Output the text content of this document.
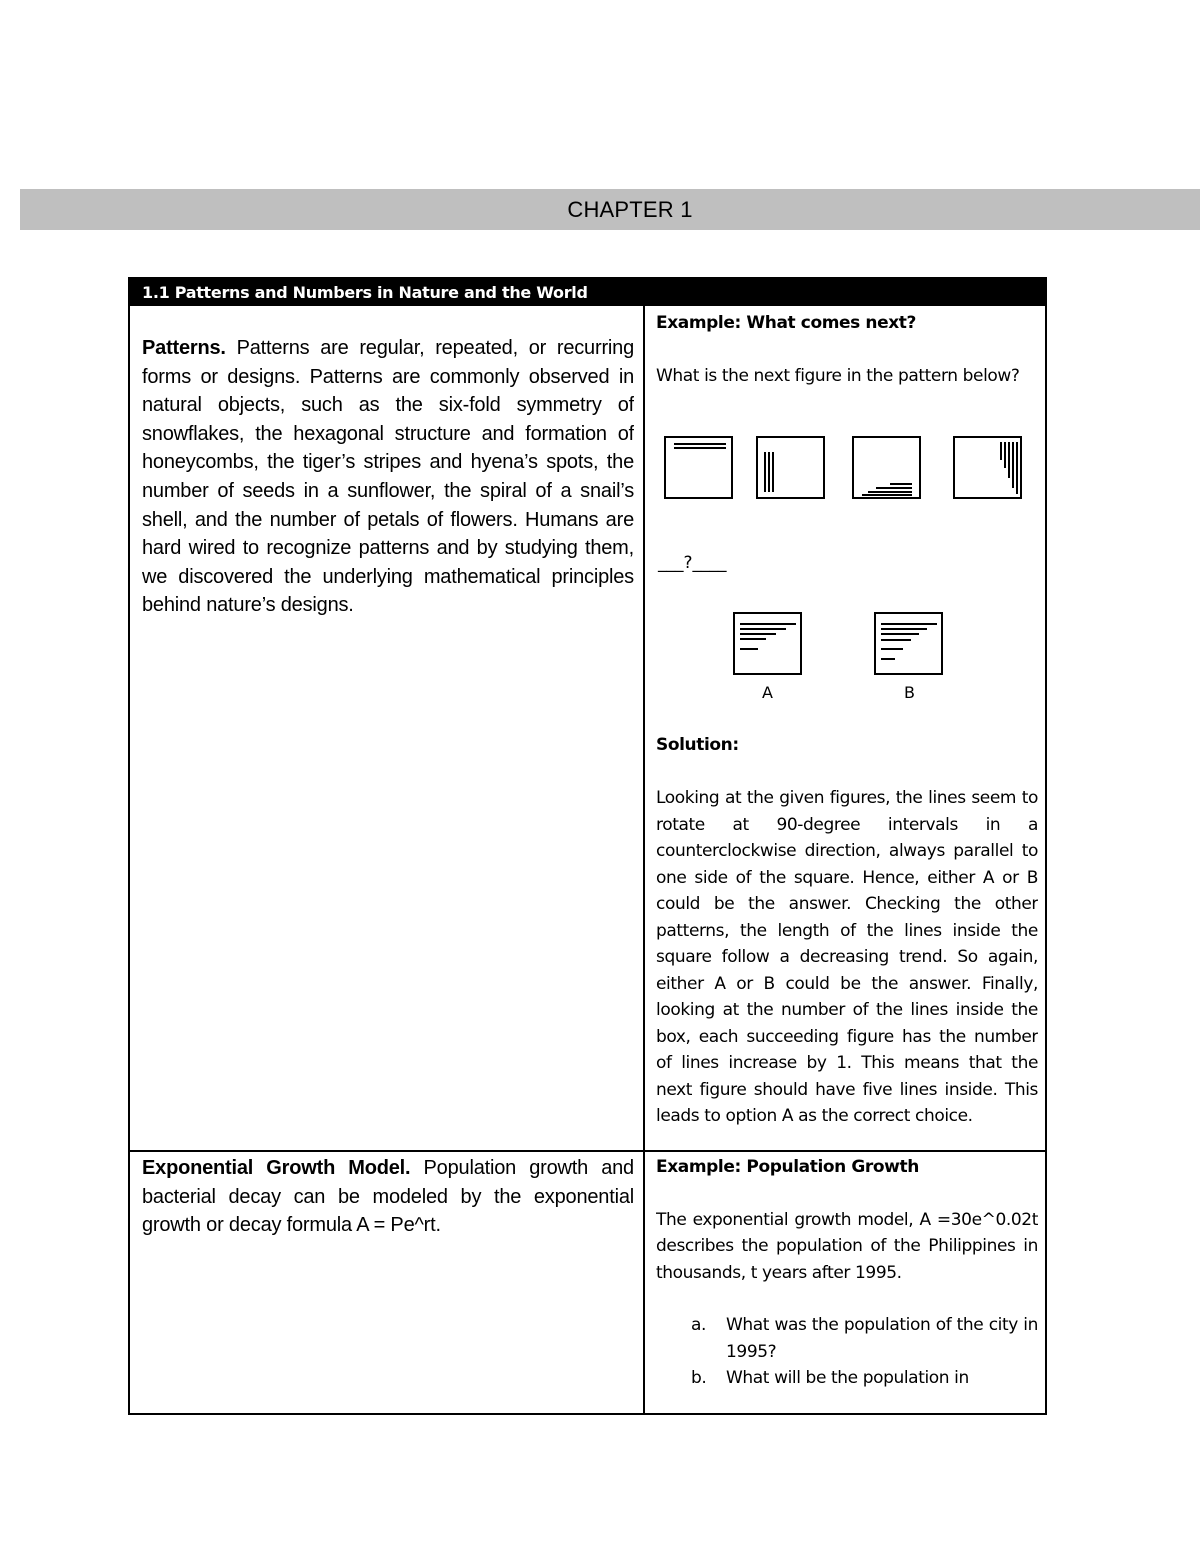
CHAPTER 1
1.1 Patterns and Numbers in Nature and the World

Patterns. Patterns are regular, repeated, or recurring forms or designs. Patterns are commonly observed in natural objects, such as the six-fold symmetry of snowflakes, the hexagonal structure and formation of honeycombs, the tiger’s stripes and hyena’s spots, the number of seeds in a sunflower, the spiral of a snail’s shell, and the number of petals of flowers. Humans are hard wired to recognize patterns and by studying them, we discovered the underlying mathematical principles behind nature’s designs.

Example: What comes next?
What is the next figure in the pattern below?
___?____
A	B
Solution:
Looking at the given figures, the lines seem to rotate at 90-degree intervals in a counterclockwise direction, always parallel to one side of the square. Hence, either A or B could be the answer. Checking the other patterns, the length of the lines inside the square follow a decreasing trend. So again, either A or B could be the answer. Finally, looking at the number of the lines inside the box, each succeeding figure has the number of lines increase by 1. This means that the next figure should have five lines inside. This leads to option A as the correct choice.

Exponential Growth Model. Population growth and bacterial decay can be modeled by the exponential growth or decay formula A = Pe^rt.

Example: Population Growth
The exponential growth model, A =30e^0.02t describes the population of the Philippines in thousands, t years after 1995.
a. What was the population of the city in 1995?
b. What will be the population in
